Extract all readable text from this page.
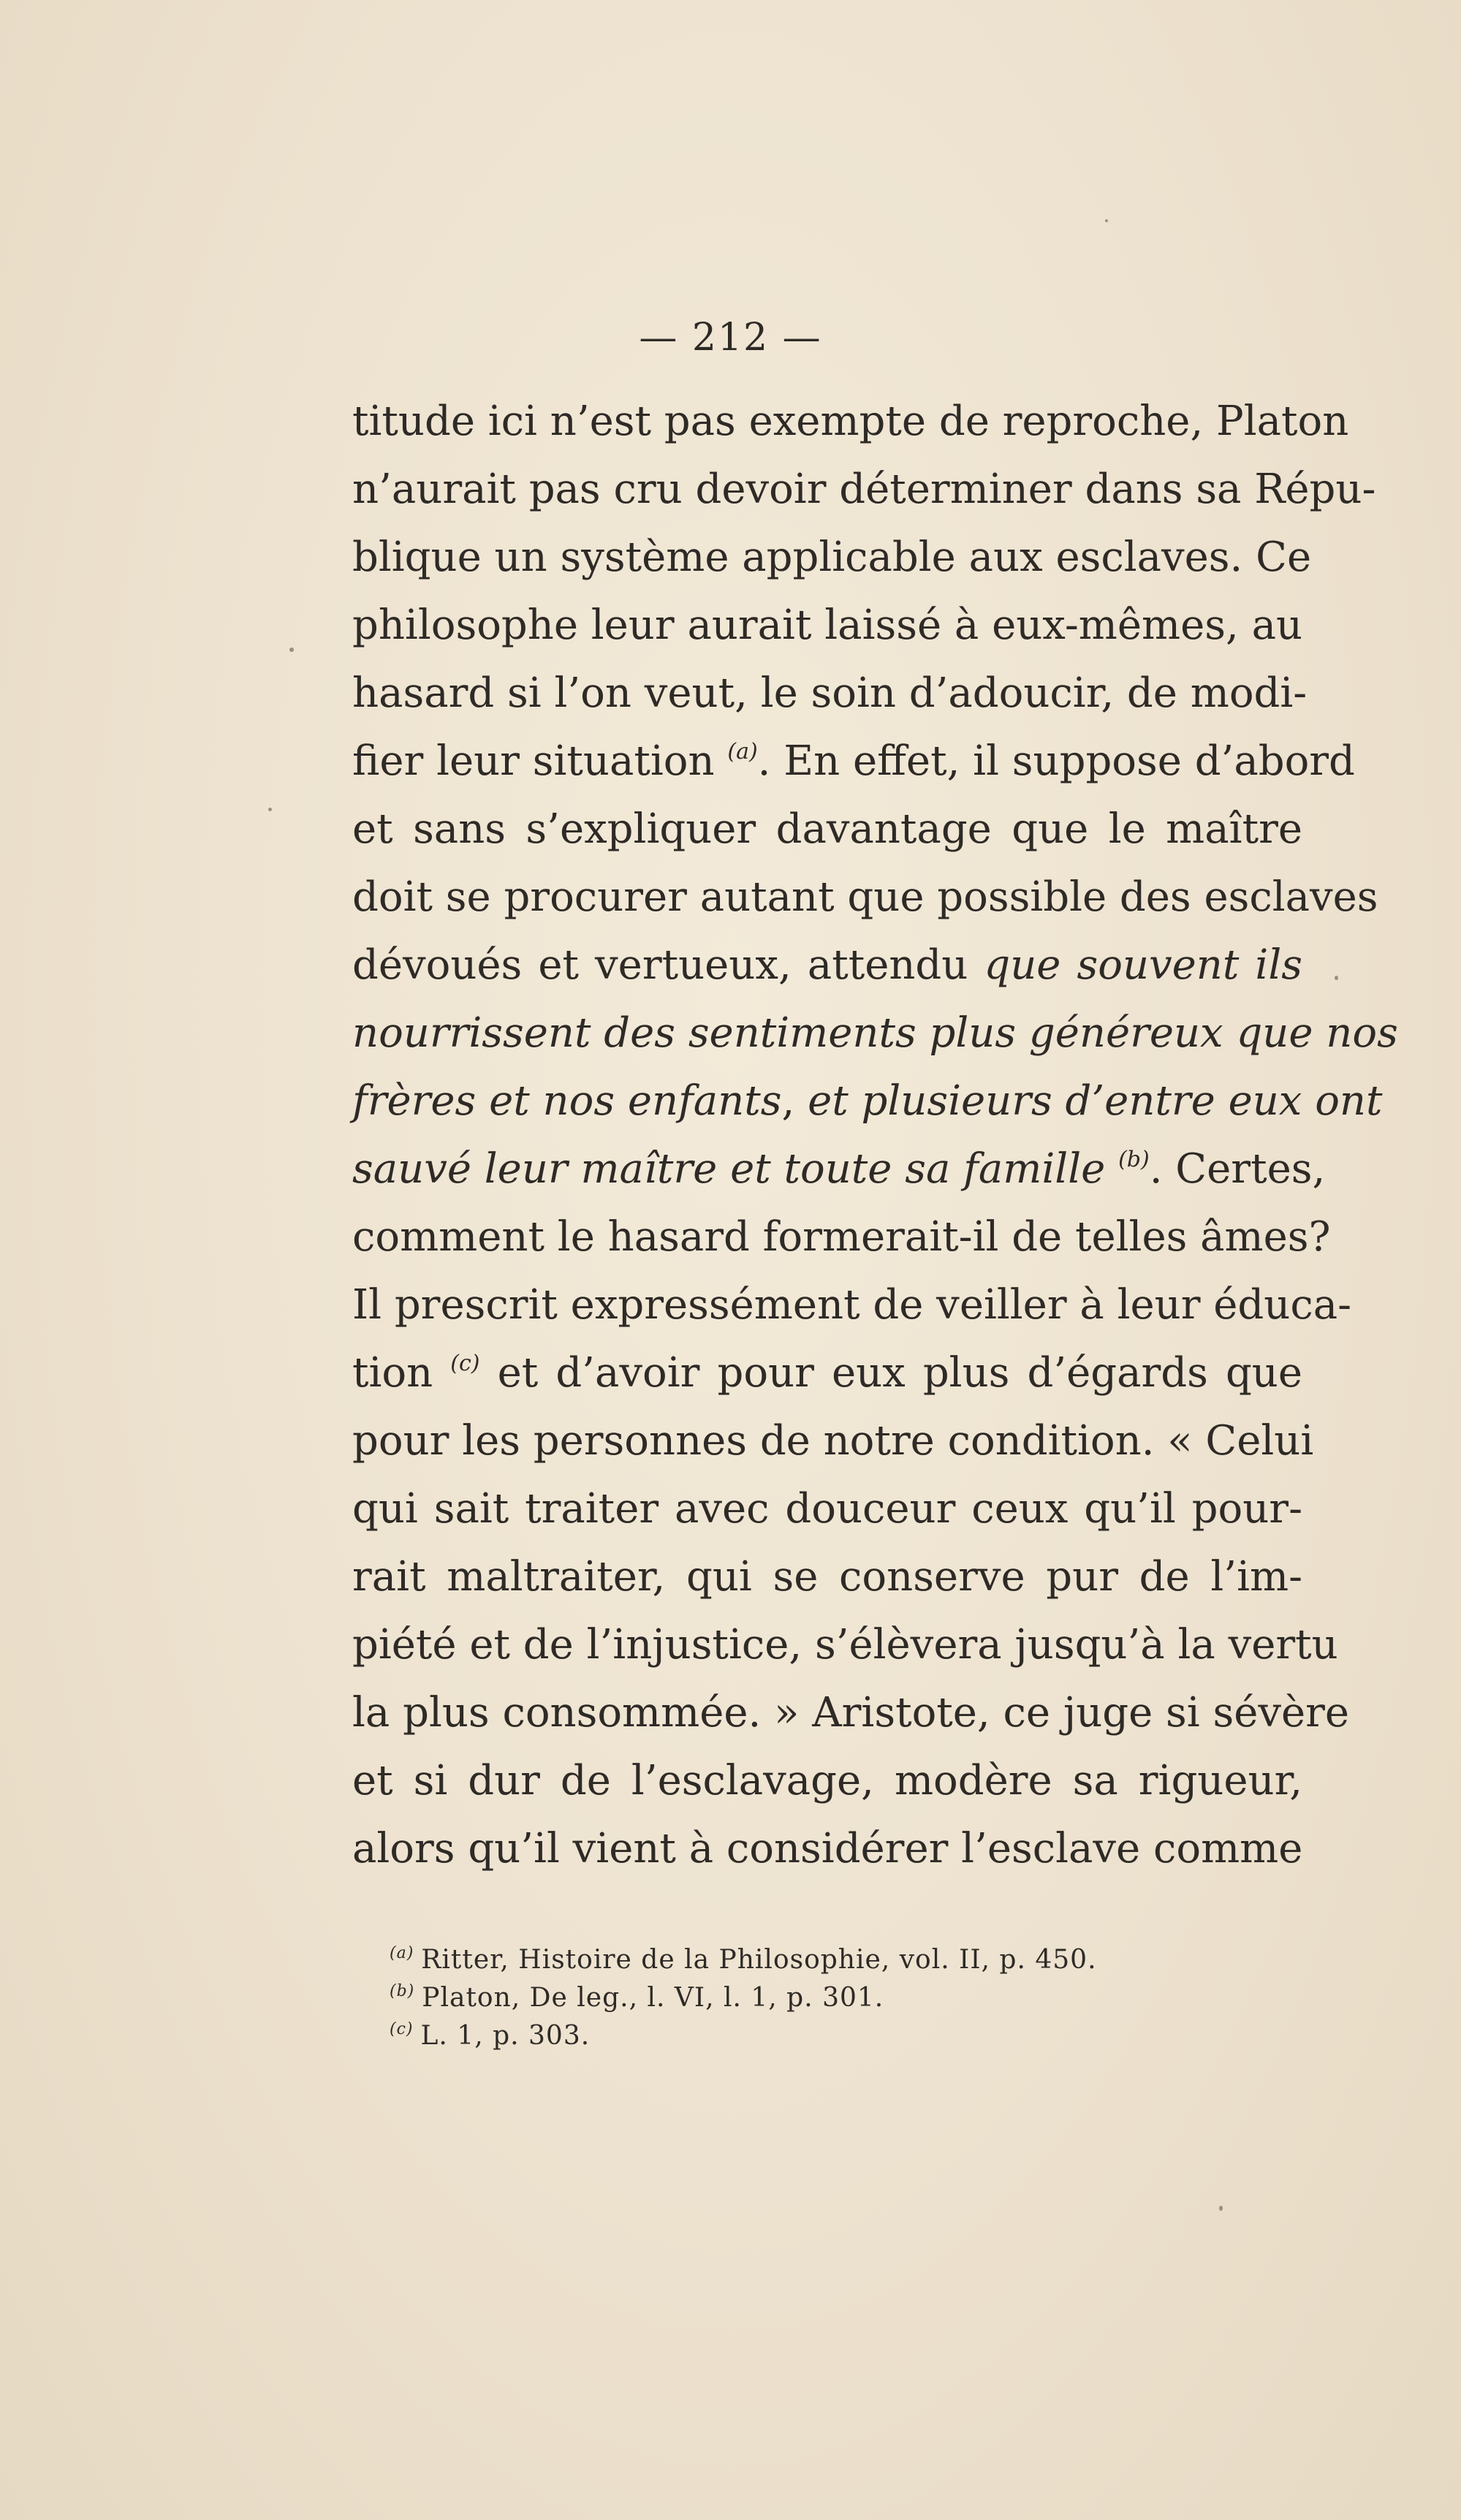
— 212 —
titude ici n’est pas exempte de reproche, Platon
n’aurait pas cru devoir déterminer dans sa Répu-
blique un système applicable aux esclaves. Ce
philosophe leur aurait laissé à eux-mêmes, au
hasard si l’on veut, le soin d’adoucir, de modi-
fier leur situation $^{(a)}$. En effet, il suppose d’abord
et sans s’expliquer davantage que le maître
doit se procurer autant que possible des esclaves
dévoués et vertueux, attendu que souvent ils
nourrissent des sentiments plus généreux que nos
frères et nos enfants, et plusieurs d’entre eux ont
sauvé leur maître et toute sa famille $^{(b)}$. Certes,
comment le hasard formerait-il de telles âmes?
Il prescrit expressément de veiller à leur éduca-
tion $^{(c)}$ et d’avoir pour eux plus d’égards que
pour les personnes de notre condition. « Celui
qui sait traiter avec douceur ceux qu’il pour-
rait maltraiter, qui se conserve pur de l’im-
piété et de l’injustice, s’élèvera jusqu’à la vertu
la plus consommée. » Aristote, ce juge si sévère
et si dur de l’esclavage, modère sa rigueur,
alors qu’il vient à considérer l’esclave comme
$^{(a)}$ Ritter, Histoire de la Philosophie, vol. II, p. 450.
$^{(b)}$ Platon, De leg., l. VI, l. 1, p. 301.
$^{(c)}$ L. 1, p. 303.
